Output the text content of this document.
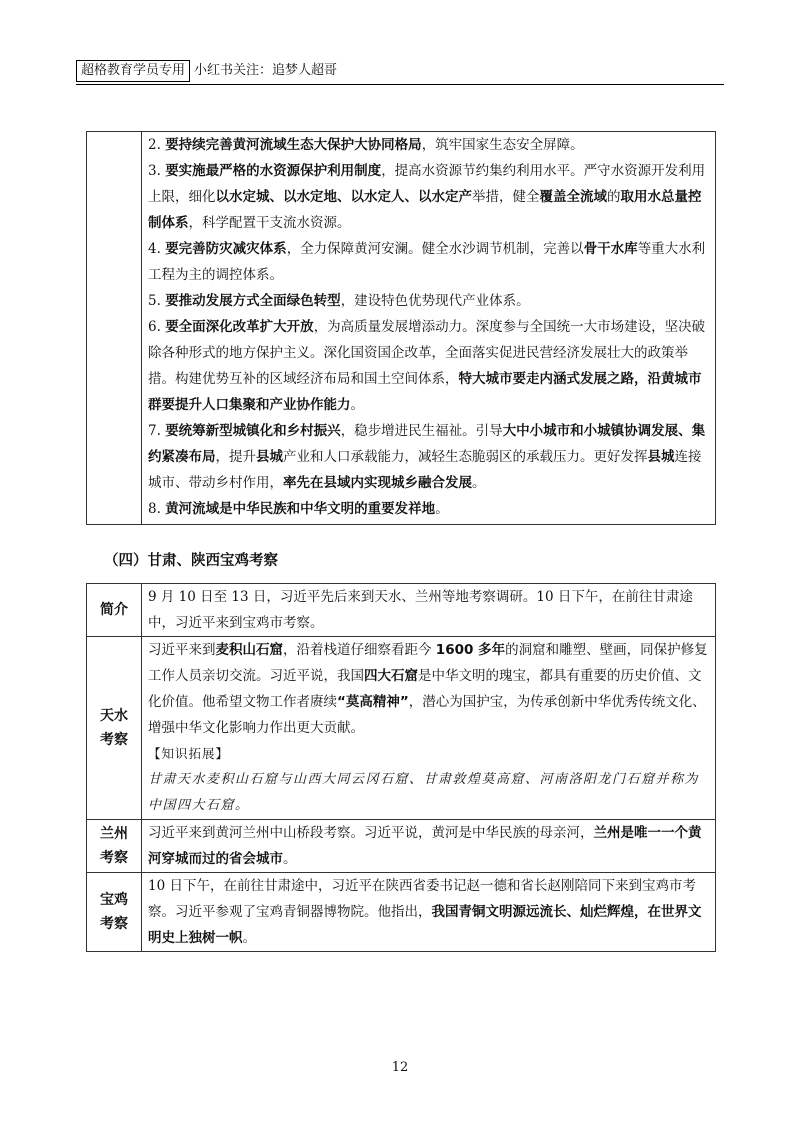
超格教育学员专用 小红书关注：追梦人超哥

2. 要持续完善黄河流域生态大保护大协同格局，筑牢国家生态安全屏障。
3. 要实施最严格的水资源保护利用制度，提高水资源节约集约利用水平。严守水资源开发利用上限，细化以水定城、以水定地、以水定人、以水定产举措，健全覆盖全流域的取用水总量控制体系，科学配置干支流水资源。
4. 要完善防灾减灾体系，全力保障黄河安澜。健全水沙调节机制，完善以骨干水库等重大水利工程为主的调控体系。
5. 要推动发展方式全面绿色转型，建设特色优势现代产业体系。
6. 要全面深化改革扩大开放，为高质量发展增添动力。深度参与全国统一大市场建设，坚决破除各种形式的地方保护主义。深化国资国企改革，全面落实促进民营经济发展壮大的政策举措。构建优势互补的区域经济布局和国土空间体系，特大城市要走内涵式发展之路，沿黄城市群要提升人口集聚和产业协作能力。
7. 要统筹新型城镇化和乡村振兴，稳步增进民生福祉。引导大中小城市和小城镇协调发展、集约紧凑布局，提升县城产业和人口承载能力，减轻生态脆弱区的承载压力。更好发挥县城连接城市、带动乡村作用，率先在县域内实现城乡融合发展。
8. 黄河流域是中华民族和中华文明的重要发祥地。
（四）甘肃、陕西宝鸡考察
简介	9 月 10 日至 13 日，习近平先后来到天水、兰州等地考察调研。10 日下午，在前往甘肃途中，习近平来到宝鸡市考察。

天水
考察	习近平来到麦积山石窟，沿着栈道仔细察看距今 1600 多年的洞窟和雕塑、壁画，同保护修复工作人员亲切交流。习近平说，我国四大石窟是中华文明的瑰宝，都具有重要的历史价值、文化价值。他希望文物工作者赓续“莫高精神”，潜心为国护宝，为传承创新中华优秀传统文化、增强中华文化影响力作出更大贡献。
【知识拓展】
甘肃天水麦积山石窟与山西大同云冈石窟、甘肃敦煌莫高窟、河南洛阳龙门石窟并称为中国四大石窟。

兰州
考察	习近平来到黄河兰州中山桥段考察。习近平说，黄河是中华民族的母亲河，兰州是唯一一个黄河穿城而过的省会城市。

宝鸡
考察	10 日下午，在前往甘肃途中，习近平在陕西省委书记赵一德和省长赵刚陪同下来到宝鸡市考察。习近平参观了宝鸡青铜器博物院。他指出，我国青铜文明源远流长、灿烂辉煌，在世界文明史上独树一帜。
12
